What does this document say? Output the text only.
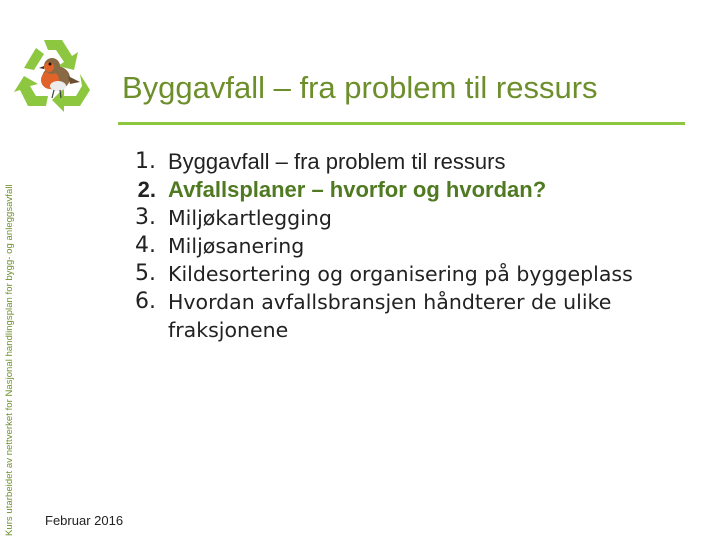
Byggavfall – fra problem til ressurs
Kurs utarbeidet av nettverket for Nasjonal handlingsplan for bygg- og anleggsavfall
1. Byggavfall – fra problem til ressurs
2. Avfallsplaner – hvorfor og hvordan?
3. Miljøkartlegging
4. Miljøsanering
5. Kildesortering og organisering på byggeplass
6. Hvordan avfallsbransjen håndterer de ulike fraksjonene
Februar 2016
